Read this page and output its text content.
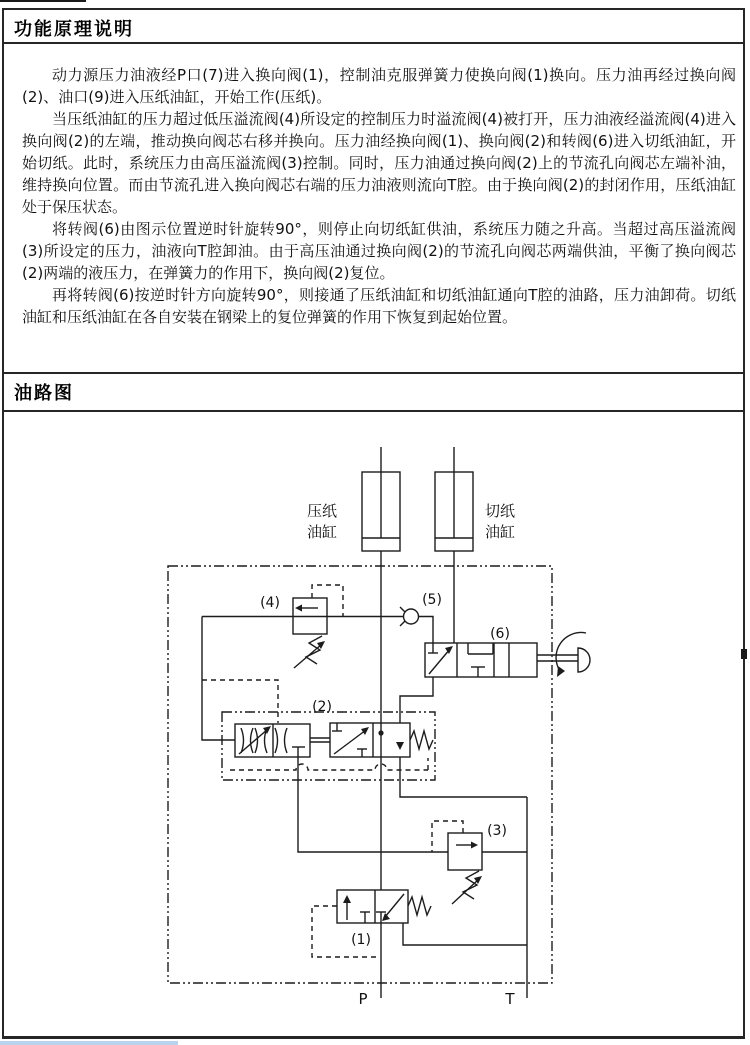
功能原理说明

动力源压力油液经P口(7)进入换向阀(1)，控制油克服弹簧力使换向阀(1)换向。压力油再经过换向阀(2)、油口(9)进入压纸油缸，开始工作(压纸)。

当压纸油缸的压力超过低压溢流阀(4)所设定的控制压力时溢流阀(4)被打开，压力油液经溢流阀(4)进入换向阀(2)的左端，推动换向阀芯右移并换向。压力油经换向阀(1)、换向阀(2)和转阀(6)进入切纸油缸，开始切纸。此时，系统压力由高压溢流阀(3)控制。同时，压力油通过换向阀(2)上的节流孔向阀芯左端补油，维持换向位置。而由节流孔进入换向阀芯右端的压力油液则流向T腔。由于换向阀(2)的封闭作用，压纸油缸处于保压状态。

将转阀(6)由图示位置逆时针旋转90°，则停止向切纸缸供油，系统压力随之升高。当超过高压溢流阀(3)所设定的压力，油液向T腔卸油。由于高压油通过换向阀(2)的节流孔向阀芯两端供油，平衡了换向阀芯(2)两端的液压力，在弹簧力的作用下，换向阀(2)复位。

再将转阀(6)按逆时针方向旋转90°，则接通了压纸油缸和切纸油缸通向T腔的油路，压力油卸荷。切纸油缸和压纸油缸在各自安装在钢梁上的复位弹簧的作用下恢复到起始位置。

油路图
压纸
油缸
切纸
油缸
(4)	(5)
(6)
(2)
(3)
(1)
P	T
